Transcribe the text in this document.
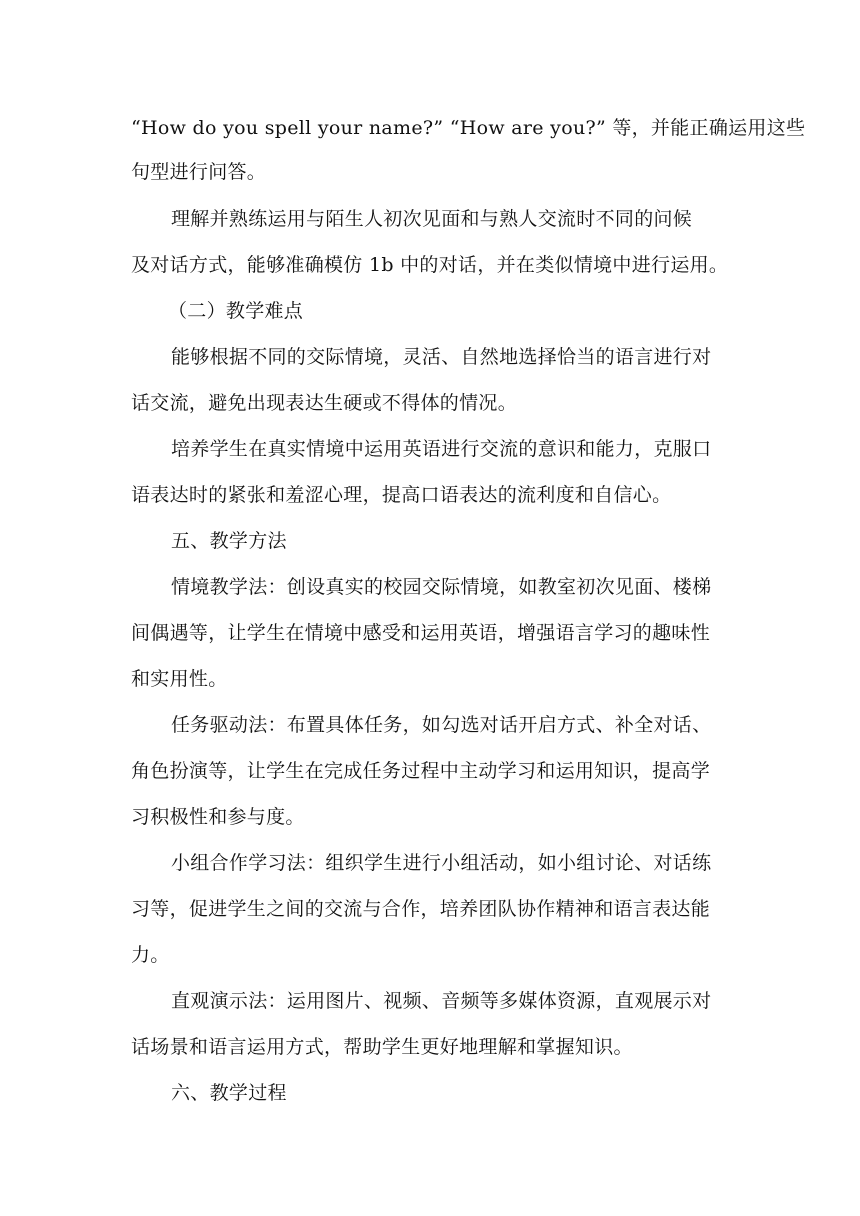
“How do you spell your name?” “How are you?” 等，并能正确运用这些
句型进行问答。
理解并熟练运用与陌生人初次见面和与熟人交流时不同的问候
及对话方式，能够准确模仿 1b 中的对话，并在类似情境中进行运用。
（二）教学难点
能够根据不同的交际情境，灵活、自然地选择恰当的语言进行对
话交流，避免出现表达生硬或不得体的情况。
培养学生在真实情境中运用英语进行交流的意识和能力，克服口
语表达时的紧张和羞涩心理，提高口语表达的流利度和自信心。
五、教学方法
情境教学法：创设真实的校园交际情境，如教室初次见面、楼梯
间偶遇等，让学生在情境中感受和运用英语，增强语言学习的趣味性
和实用性。
任务驱动法：布置具体任务，如勾选对话开启方式、补全对话、
角色扮演等，让学生在完成任务过程中主动学习和运用知识，提高学
习积极性和参与度。
小组合作学习法：组织学生进行小组活动，如小组讨论、对话练
习等，促进学生之间的交流与合作，培养团队协作精神和语言表达能
力。
直观演示法：运用图片、视频、音频等多媒体资源，直观展示对
话场景和语言运用方式，帮助学生更好地理解和掌握知识。
六、教学过程
